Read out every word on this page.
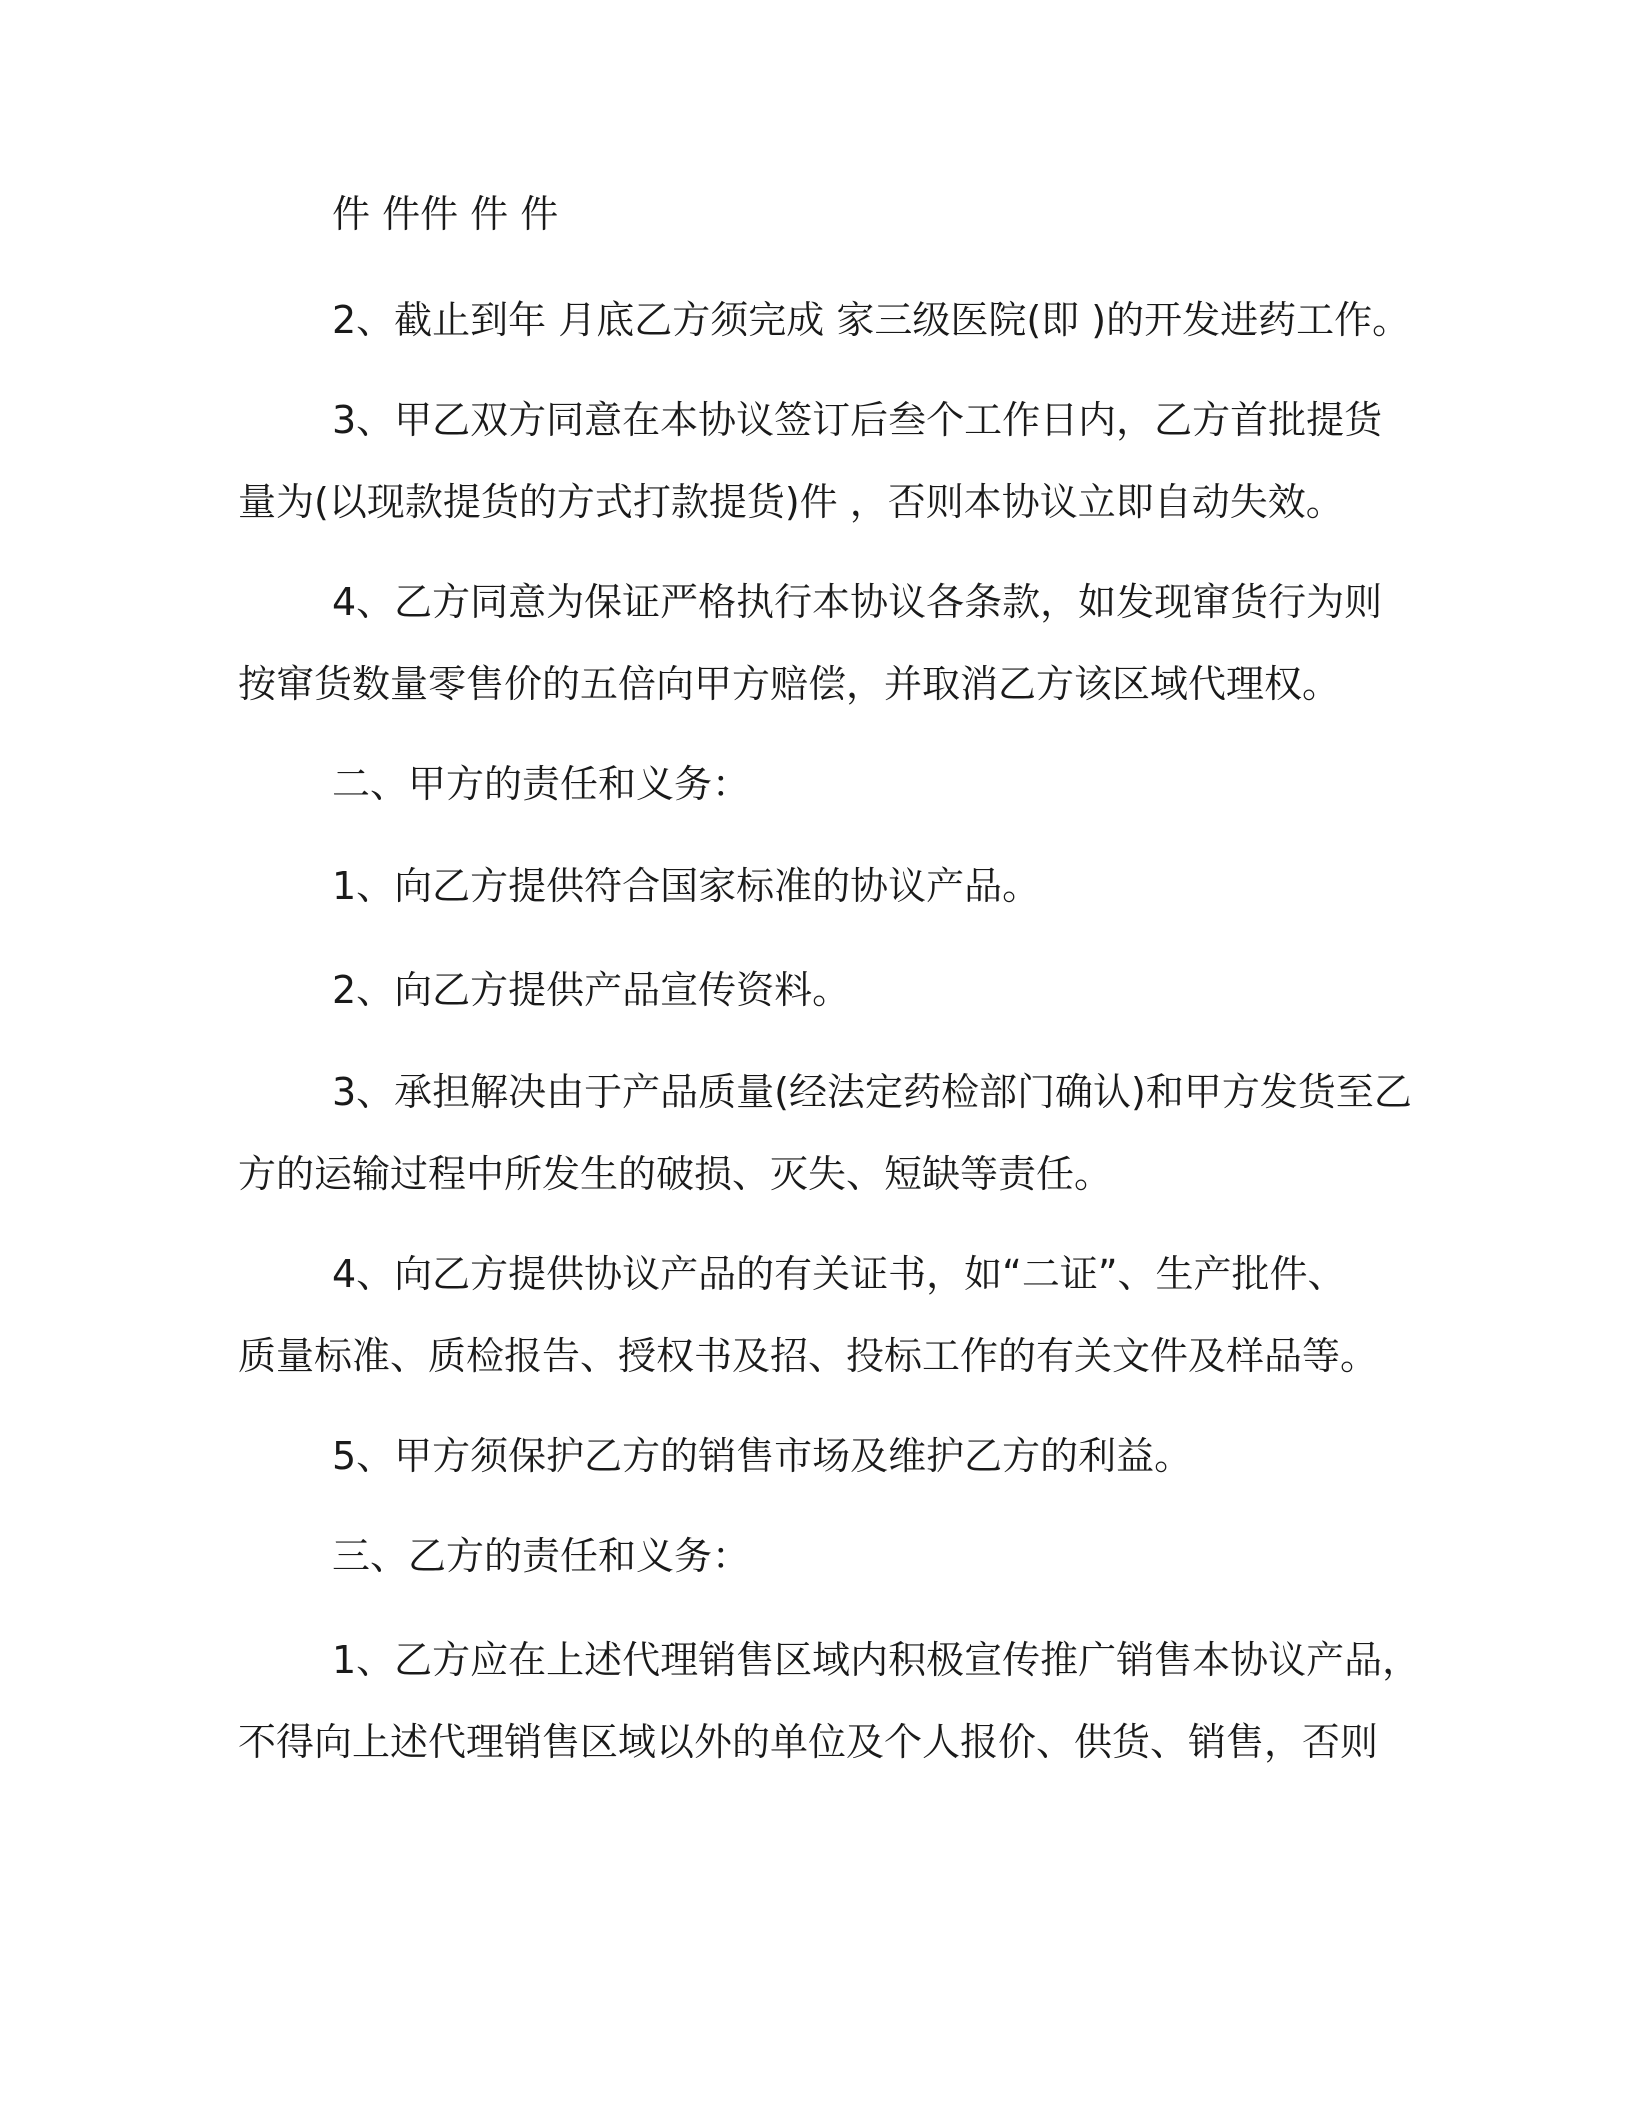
件 件件 件 件
2、截止到年 月底乙方须完成 家三级医院(即 )的开发进药工作。
3、甲乙双方同意在本协议签订后叁个工作日内，乙方首批提货
量为(以现款提货的方式打款提货)件 ，否则本协议立即自动失效。
4、乙方同意为保证严格执行本协议各条款，如发现窜货行为则
按窜货数量零售价的五倍向甲方赔偿，并取消乙方该区域代理权。
二、甲方的责任和义务：
1、向乙方提供符合国家标准的协议产品。
2、向乙方提供产品宣传资料。
3、承担解决由于产品质量(经法定药检部门确认)和甲方发货至乙
方的运输过程中所发生的破损、灭失、短缺等责任。
4、向乙方提供协议产品的有关证书，如“二证”、生产批件、
质量标准、质检报告、授权书及招、投标工作的有关文件及样品等。
5、甲方须保护乙方的销售市场及维护乙方的利益。
三、乙方的责任和义务：
1、乙方应在上述代理销售区域内积极宣传推广销售本协议产品，
不得向上述代理销售区域以外的单位及个人报价、供货、销售，否则
